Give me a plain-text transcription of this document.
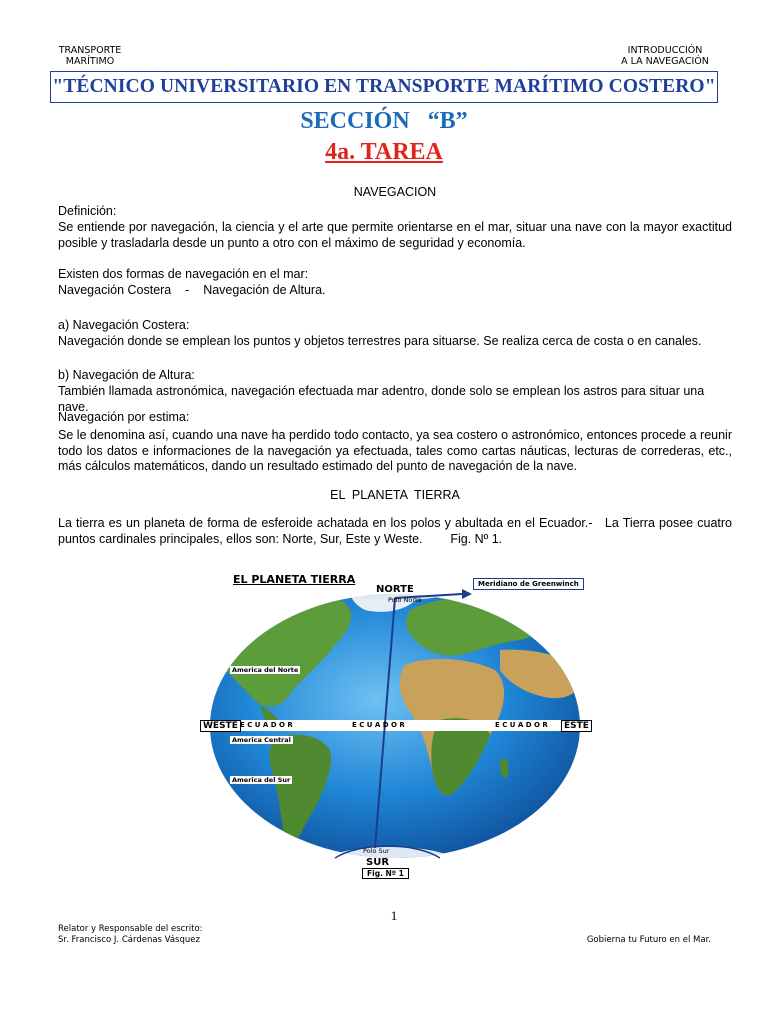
TRANSPORTE
MARÍTIMO
INTRODUCCIÓN
A LA NAVEGACIÓN
"TÉCNICO UNIVERSITARIO EN TRANSPORTE MARÍTIMO COSTERO"
SECCIÓN   “B”
4a. TAREA
NAVEGACION
Definición:
Se entiende por navegación, la ciencia y el arte que permite orientarse en el mar, situar una nave con la mayor exactitud posible y trasladarla desde un punto a otro con el máximo de seguridad y economía.
Existen dos formas de navegación en el mar:
Navegación Costera    -    Navegación de Altura.
a) Navegación Costera:
Navegación donde se emplean los puntos y objetos terrestres para situarse. Se realiza cerca de costa o en canales.
b) Navegación de Altura:
También llamada astronómica, navegación efectuada mar adentro, donde solo se emplean los astros para situar una nave.
Navegación por estima:
Se le denomina así, cuando una nave ha perdido todo contacto, ya sea costero o astronómico, entonces procede a reunir todo los datos e informaciones de la navegación ya efectuada, tales como cartas náuticas, lecturas de correderas, etc., más cálculos matemáticos, dando un resultado estimado del punto de navegación de la nave.
EL  PLANETA  TIERRA
La tierra es un planeta de forma de esferoide achatada en los polos y abultada en el Ecuador.-   La Tierra posee cuatro puntos cardinales principales, ellos son: Norte, Sur, Este y Weste.        Fig. Nº 1.
EL PLANETA TIERRA
NORTE
Polo Norte
Meridiano de Greenwinch
America del Norte
WESTE E C U A D O R	E C U A D O R	E C U A D O R	ESTE
America Central
America del Sur
Polo Sur
SUR
Fig. Nº 1
1
Relator y Responsable del escrito:
Sr. Francisco J. Cárdenas Vásquez	Gobierna tu Futuro en el Mar.
